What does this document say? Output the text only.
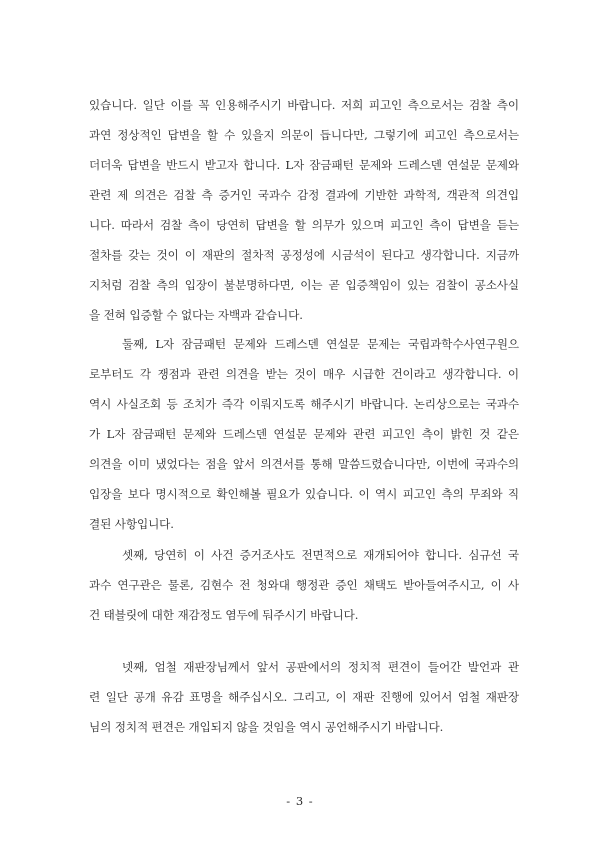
있습니다. 일단 이를 꼭 인용해주시기 바랍니다. 저희 피고인 측으로서는 검찰 측이
과연 정상적인 답변을 할 수 있을지 의문이 듭니다만, 그렇기에 피고인 측으로서는
더더욱 답변을 반드시 받고자 합니다. L자 잠금패턴 문제와 드레스덴 연설문 문제와
관련 제 의견은 검찰 측 증거인 국과수 감정 결과에 기반한 과학적, 객관적 의견입
니다. 따라서 검찰 측이 당연히 답변을 할 의무가 있으며 피고인 측이 답변을 듣는
절차를 갖는 것이 이 재판의 절차적 공정성에 시금석이 된다고 생각합니다. 지금까
지처럼 검찰 측의 입장이 불분명하다면, 이는 곧 입증책임이 있는 검찰이 공소사실
을 전혀 입증할 수 없다는 자백과 같습니다.
둘째, L자 잠금패턴 문제와 드레스덴 연설문 문제는 국립과학수사연구원으
로부터도 각 쟁점과 관련 의견을 받는 것이 매우 시급한 건이라고 생각합니다. 이
역시 사실조회 등 조치가 즉각 이뤄지도록 해주시기 바랍니다. 논리상으로는 국과수
가 L자 잠금패턴 문제와 드레스덴 연설문 문제와 관련 피고인 측이 밝힌 것 같은
의견을 이미 냈었다는 점을 앞서 의견서를 통해 말씀드렸습니다만, 이번에 국과수의
입장을 보다 명시적으로 확인해볼 필요가 있습니다. 이 역시 피고인 측의 무죄와 직
결된 사항입니다.
셋째, 당연히 이 사건 증거조사도 전면적으로 재개되어야 합니다. 심규선 국
과수 연구관은 물론, 김현수 전 청와대 행정관 증인 채택도 받아들여주시고, 이 사
건 태블릿에 대한 재감정도 염두에 둬주시기 바랍니다.
넷째, 엄철 재판장님께서 앞서 공판에서의 정치적 편견이 들어간 발언과 관
련 일단 공개 유감 표명을 해주십시오. 그리고, 이 재판 진행에 있어서 엄철 재판장
님의 정치적 편견은 개입되지 않을 것임을 역시 공언해주시기 바랍니다.
- 3 -
